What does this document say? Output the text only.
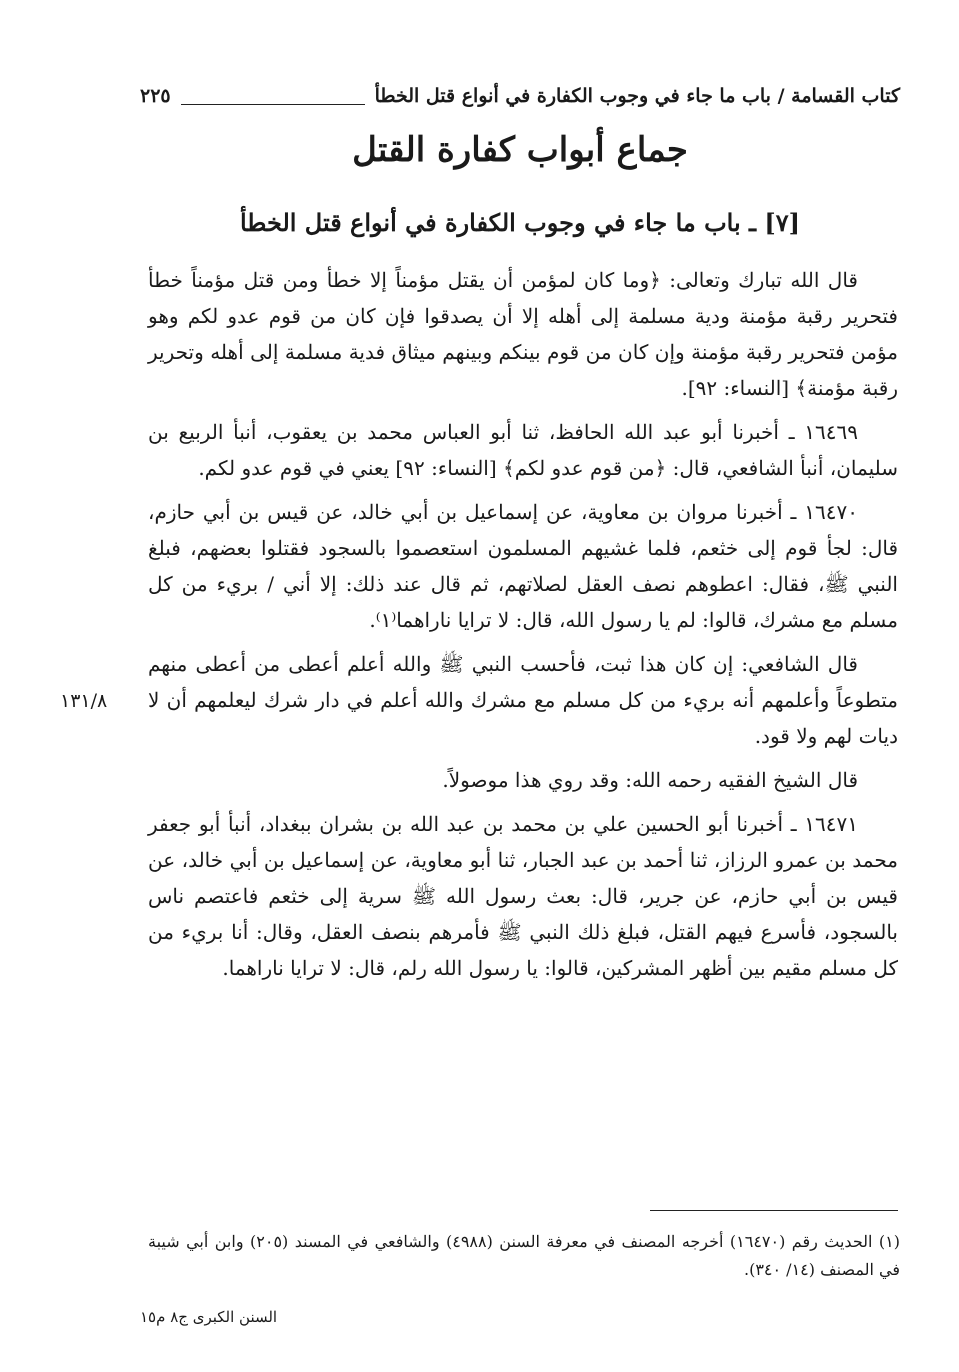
كتاب القسامة / باب ما جاء في وجوب الكفارة في أنواع قتل الخطأ
٢٢٥
جماع أبواب كفارة القتل
[٧] ـ باب ما جاء في وجوب الكفارة في أنواع قتل الخطأ

قال الله تبارك وتعالى: ﴿وما كان لمؤمن أن يقتل مؤمناً إلا خطأ ومن قتل مؤمناً خطأ فتحرير رقبة مؤمنة ودية مسلمة إلى أهله إلا أن يصدقوا فإن كان من قوم عدو لكم وهو مؤمن فتحرير رقبة مؤمنة وإن كان من قوم بينكم وبينهم ميثاق فدية مسلمة إلى أهله وتحرير رقبة مؤمنة﴾ [النساء: ٩٢].

١٦٤٦٩ ـ أخبرنا أبو عبد الله الحافظ، ثنا أبو العباس محمد بن يعقوب، أنبأ الربيع بن سليمان، أنبأ الشافعي، قال: ﴿من قوم عدو لكم﴾ [النساء: ٩٢] يعني في قوم عدو لكم.

١٦٤٧٠ ـ أخبرنا مروان بن معاوية، عن إسماعيل بن أبي خالد، عن قيس بن أبي حازم، قال: لجأ قوم إلى خثعم، فلما غشيهم المسلمون استعصموا بالسجود فقتلوا بعضهم، فبلغ النبي ﷺ، فقال: اعطوهم نصف العقل لصلاتهم، ثم قال عند ذلك: إلا أني / بريء من كل مسلم مع مشرك، قالوا: لم يا رسول الله، قال: لا ترايا ناراهما⁽١⁾.

قال الشافعي: إن كان هذا ثبت، فأحسب النبي ﷺ والله أعلم أعطى من أعطى منهم متطوعاً وأعلمهم أنه بريء من كل مسلم مع مشرك والله أعلم في دار شرك ليعلمهم أن لا ديات لهم ولا قود.

قال الشيخ الفقيه رحمه الله: وقد روي هذا موصولاً.

١٦٤٧١ ـ أخبرنا أبو الحسين علي بن محمد بن عبد الله بن بشران ببغداد، أنبأ أبو جعفر محمد بن عمرو الرزاز، ثنا أحمد بن عبد الجبار، ثنا أبو معاوية، عن إسماعيل بن أبي خالد، عن قيس بن أبي حازم، عن جرير، قال: بعث رسول الله ﷺ سرية إلى خثعم فاعتصم ناس بالسجود، فأسرع فيهم القتل، فبلغ ذلك النبي ﷺ فأمرهم بنصف العقل، وقال: أنا بريء من كل مسلم مقيم بين أظهر المشركين، قالوا: يا رسول الله رلم، قال: لا ترايا ناراهما.

١٣١/٨

(١) الحديث رقم (١٦٤٧٠) أخرجه المصنف في معرفة السنن (٤٩٨٨) والشافعي في المسند (٢٠٥) وابن أبي شيبة في المصنف (١٤/ ٣٤٠).

السنن الكبرى ج٨ م١٥
